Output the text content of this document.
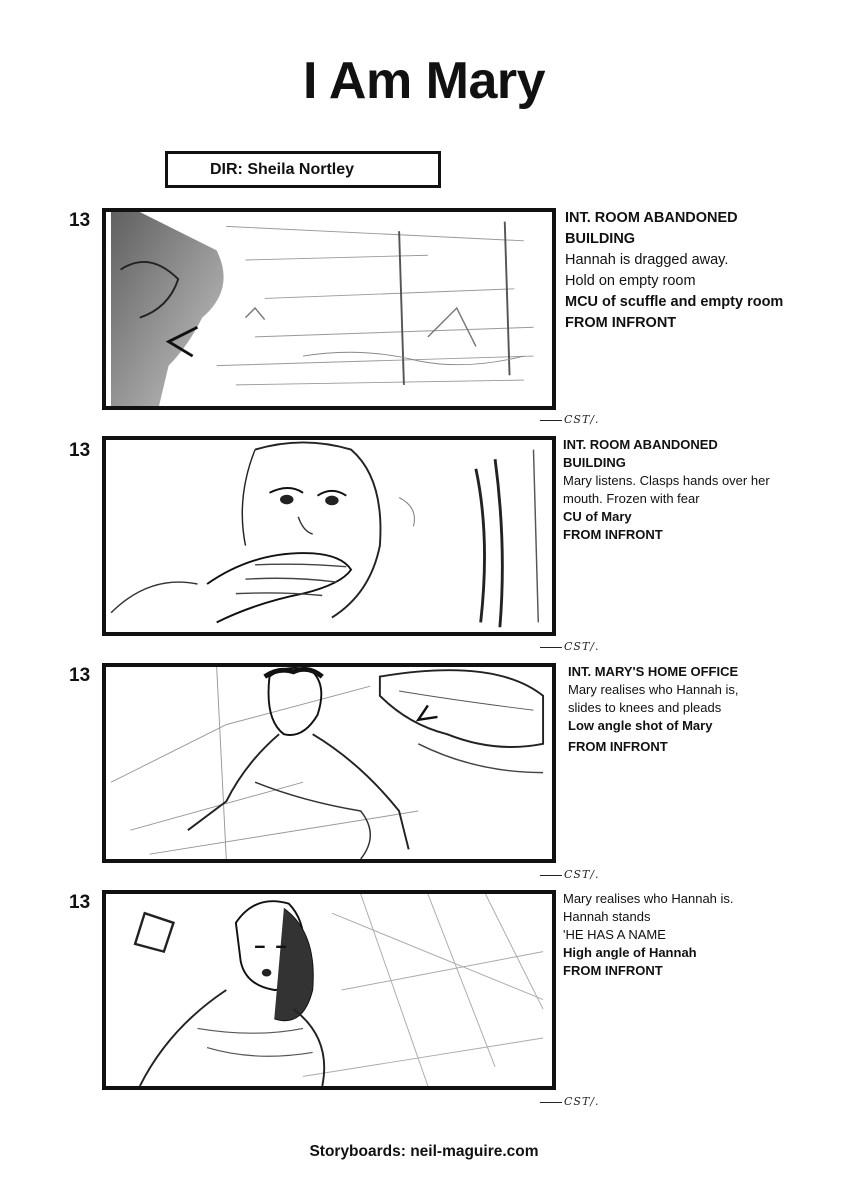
I Am Mary
DIR: Sheila Nortley
13	INT. ROOM ABANDONED
BUILDING
Hannah is dragged away.
Hold on empty room
MCU of scuffle and empty room
FROM INFRONT
CST/.
13	INT. ROOM ABANDONED
BUILDING
Mary listens. Clasps hands over her
mouth. Frozen with fear
CU of Mary
FROM INFRONT
CST/.
13	INT. MARY'S HOME OFFICE
Mary realises who Hannah is,
slides to knees and pleads
Low angle shot of Mary
FROM INFRONT
CST/.
13	Mary realises who Hannah is.
Hannah stands
'HE HAS A NAME
High angle of Hannah
FROM INFRONT
CST/.
Storyboards: neil-maguire.com
